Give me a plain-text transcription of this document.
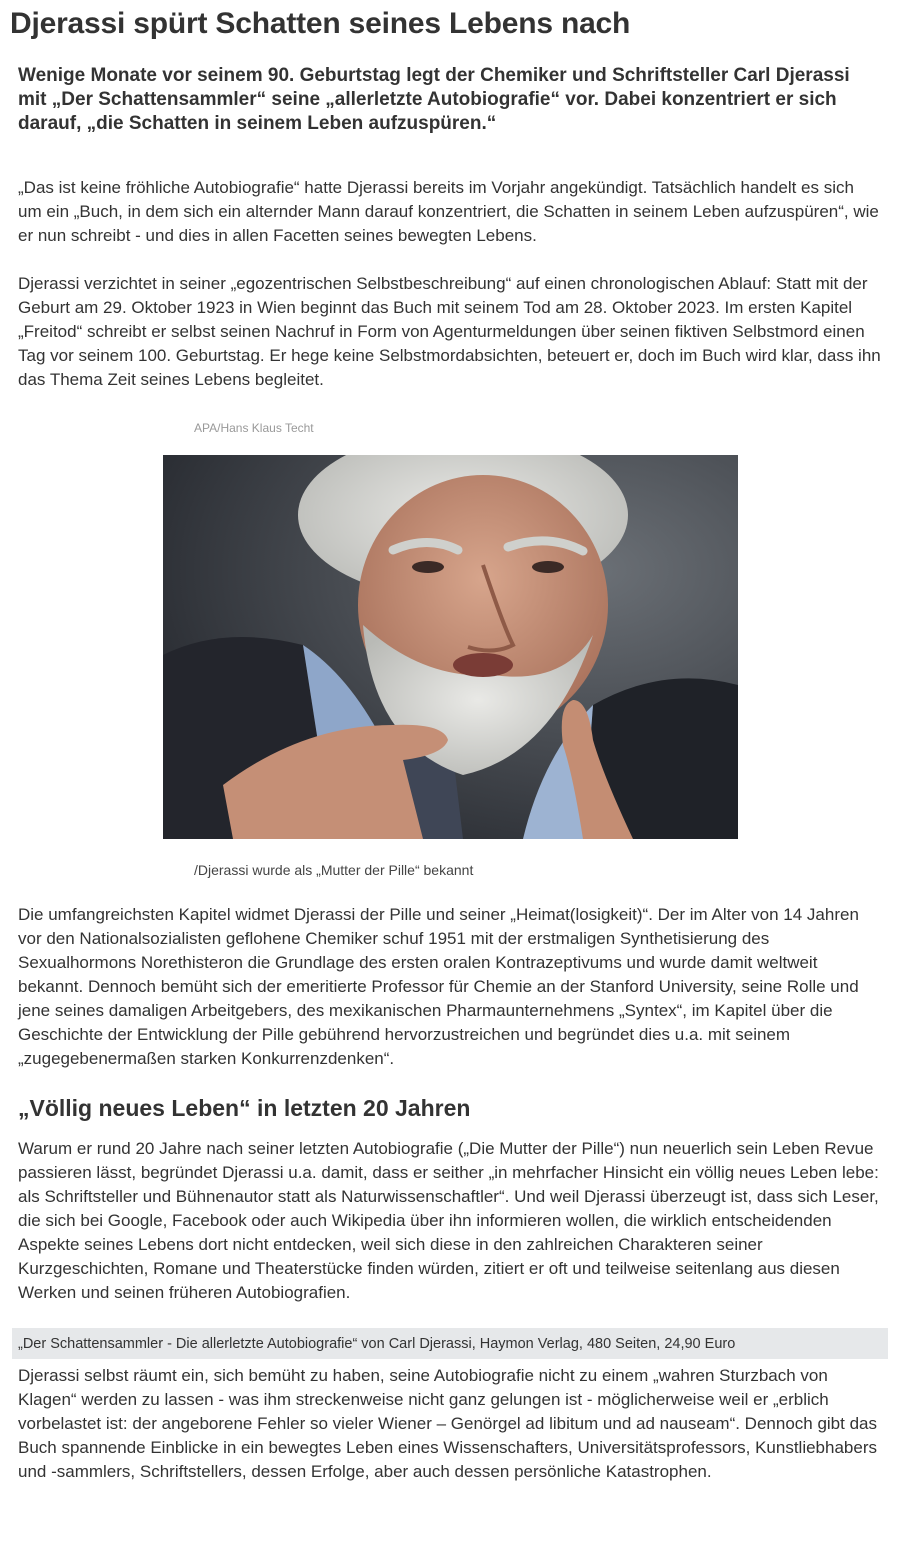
Djerassi spürt Schatten seines Lebens nach
Wenige Monate vor seinem 90. Geburtstag legt der Chemiker und Schriftsteller Carl Djerassi mit „Der Schattensammler“ seine „allerletzte Autobiografie“ vor. Dabei konzentriert er sich darauf, „die Schatten in seinem Leben aufzuspüren.“

„Das ist keine fröhliche Autobiografie“ hatte Djerassi bereits im Vorjahr angekündigt. Tatsächlich handelt es sich um ein „Buch, in dem sich ein alternder Mann darauf konzentriert, die Schatten in seinem Leben aufzuspüren“, wie er nun schreibt - und dies in allen Facetten seines bewegten Lebens.

Djerassi verzichtet in seiner „egozentrischen Selbstbeschreibung“ auf einen chronologischen Ablauf: Statt mit der Geburt am 29. Oktober 1923 in Wien beginnt das Buch mit seinem Tod am 28. Oktober 2023. Im ersten Kapitel „Freitod“ schreibt er selbst seinen Nachruf in Form von Agenturmeldungen über seinen fiktiven Selbstmord einen Tag vor seinem 100. Geburtstag. Er hege keine Selbstmordabsichten, beteuert er, doch im Buch wird klar, dass ihn das Thema Zeit seines Lebens begleitet.

APA/Hans Klaus Techt
/Djerassi wurde als „Mutter der Pille“ bekannt

Die umfangreichsten Kapitel widmet Djerassi der Pille und seiner „Heimat(losigkeit)“. Der im Alter von 14 Jahren vor den Nationalsozialisten geflohene Chemiker schuf 1951 mit der erstmaligen Synthetisierung des Sexualhormons Norethisteron die Grundlage des ersten oralen Kontrazeptivums und wurde damit weltweit bekannt. Dennoch bemüht sich der emeritierte Professor für Chemie an der Stanford University, seine Rolle und jene seines damaligen Arbeitgebers, des mexikanischen Pharmaunternehmens „Syntex“, im Kapitel über die Geschichte der Entwicklung der Pille gebührend hervorzustreichen und begründet dies u.a. mit seinem „zugegebenermaßen starken Konkurrenzdenken“.

„Völlig neues Leben“ in letzten 20 Jahren

Warum er rund 20 Jahre nach seiner letzten Autobiografie („Die Mutter der Pille“) nun neuerlich sein Leben Revue passieren lässt, begründet Djerassi u.a. damit, dass er seither „in mehrfacher Hinsicht ein völlig neues Leben lebe: als Schriftsteller und Bühnenautor statt als Naturwissenschaftler“. Und weil Djerassi überzeugt ist, dass sich Leser, die sich bei Google, Facebook oder auch Wikipedia über ihn informieren wollen, die wirklich entscheidenden Aspekte seines Lebens dort nicht entdecken, weil sich diese in den zahlreichen Charakteren seiner Kurzgeschichten, Romane und Theaterstücke finden würden, zitiert er oft und teilweise seitenlang aus diesen Werken und seinen früheren Autobiografien.

„Der Schattensammler - Die allerletzte Autobiografie“ von Carl Djerassi, Haymon Verlag, 480 Seiten, 24,90 Euro

Djerassi selbst räumt ein, sich bemüht zu haben, seine Autobiografie nicht zu einem „wahren Sturzbach von Klagen“ werden zu lassen - was ihm streckenweise nicht ganz gelungen ist - möglicherweise weil er „erblich vorbelastet ist: der angeborene Fehler so vieler Wiener – Genörgel ad libitum und ad nauseam“. Dennoch gibt das Buch spannende Einblicke in ein bewegtes Leben eines Wissenschafters, Universitätsprofessors, Kunstliebhabers und -sammlers, Schriftstellers, dessen Erfolge, aber auch dessen persönliche Katastrophen.
